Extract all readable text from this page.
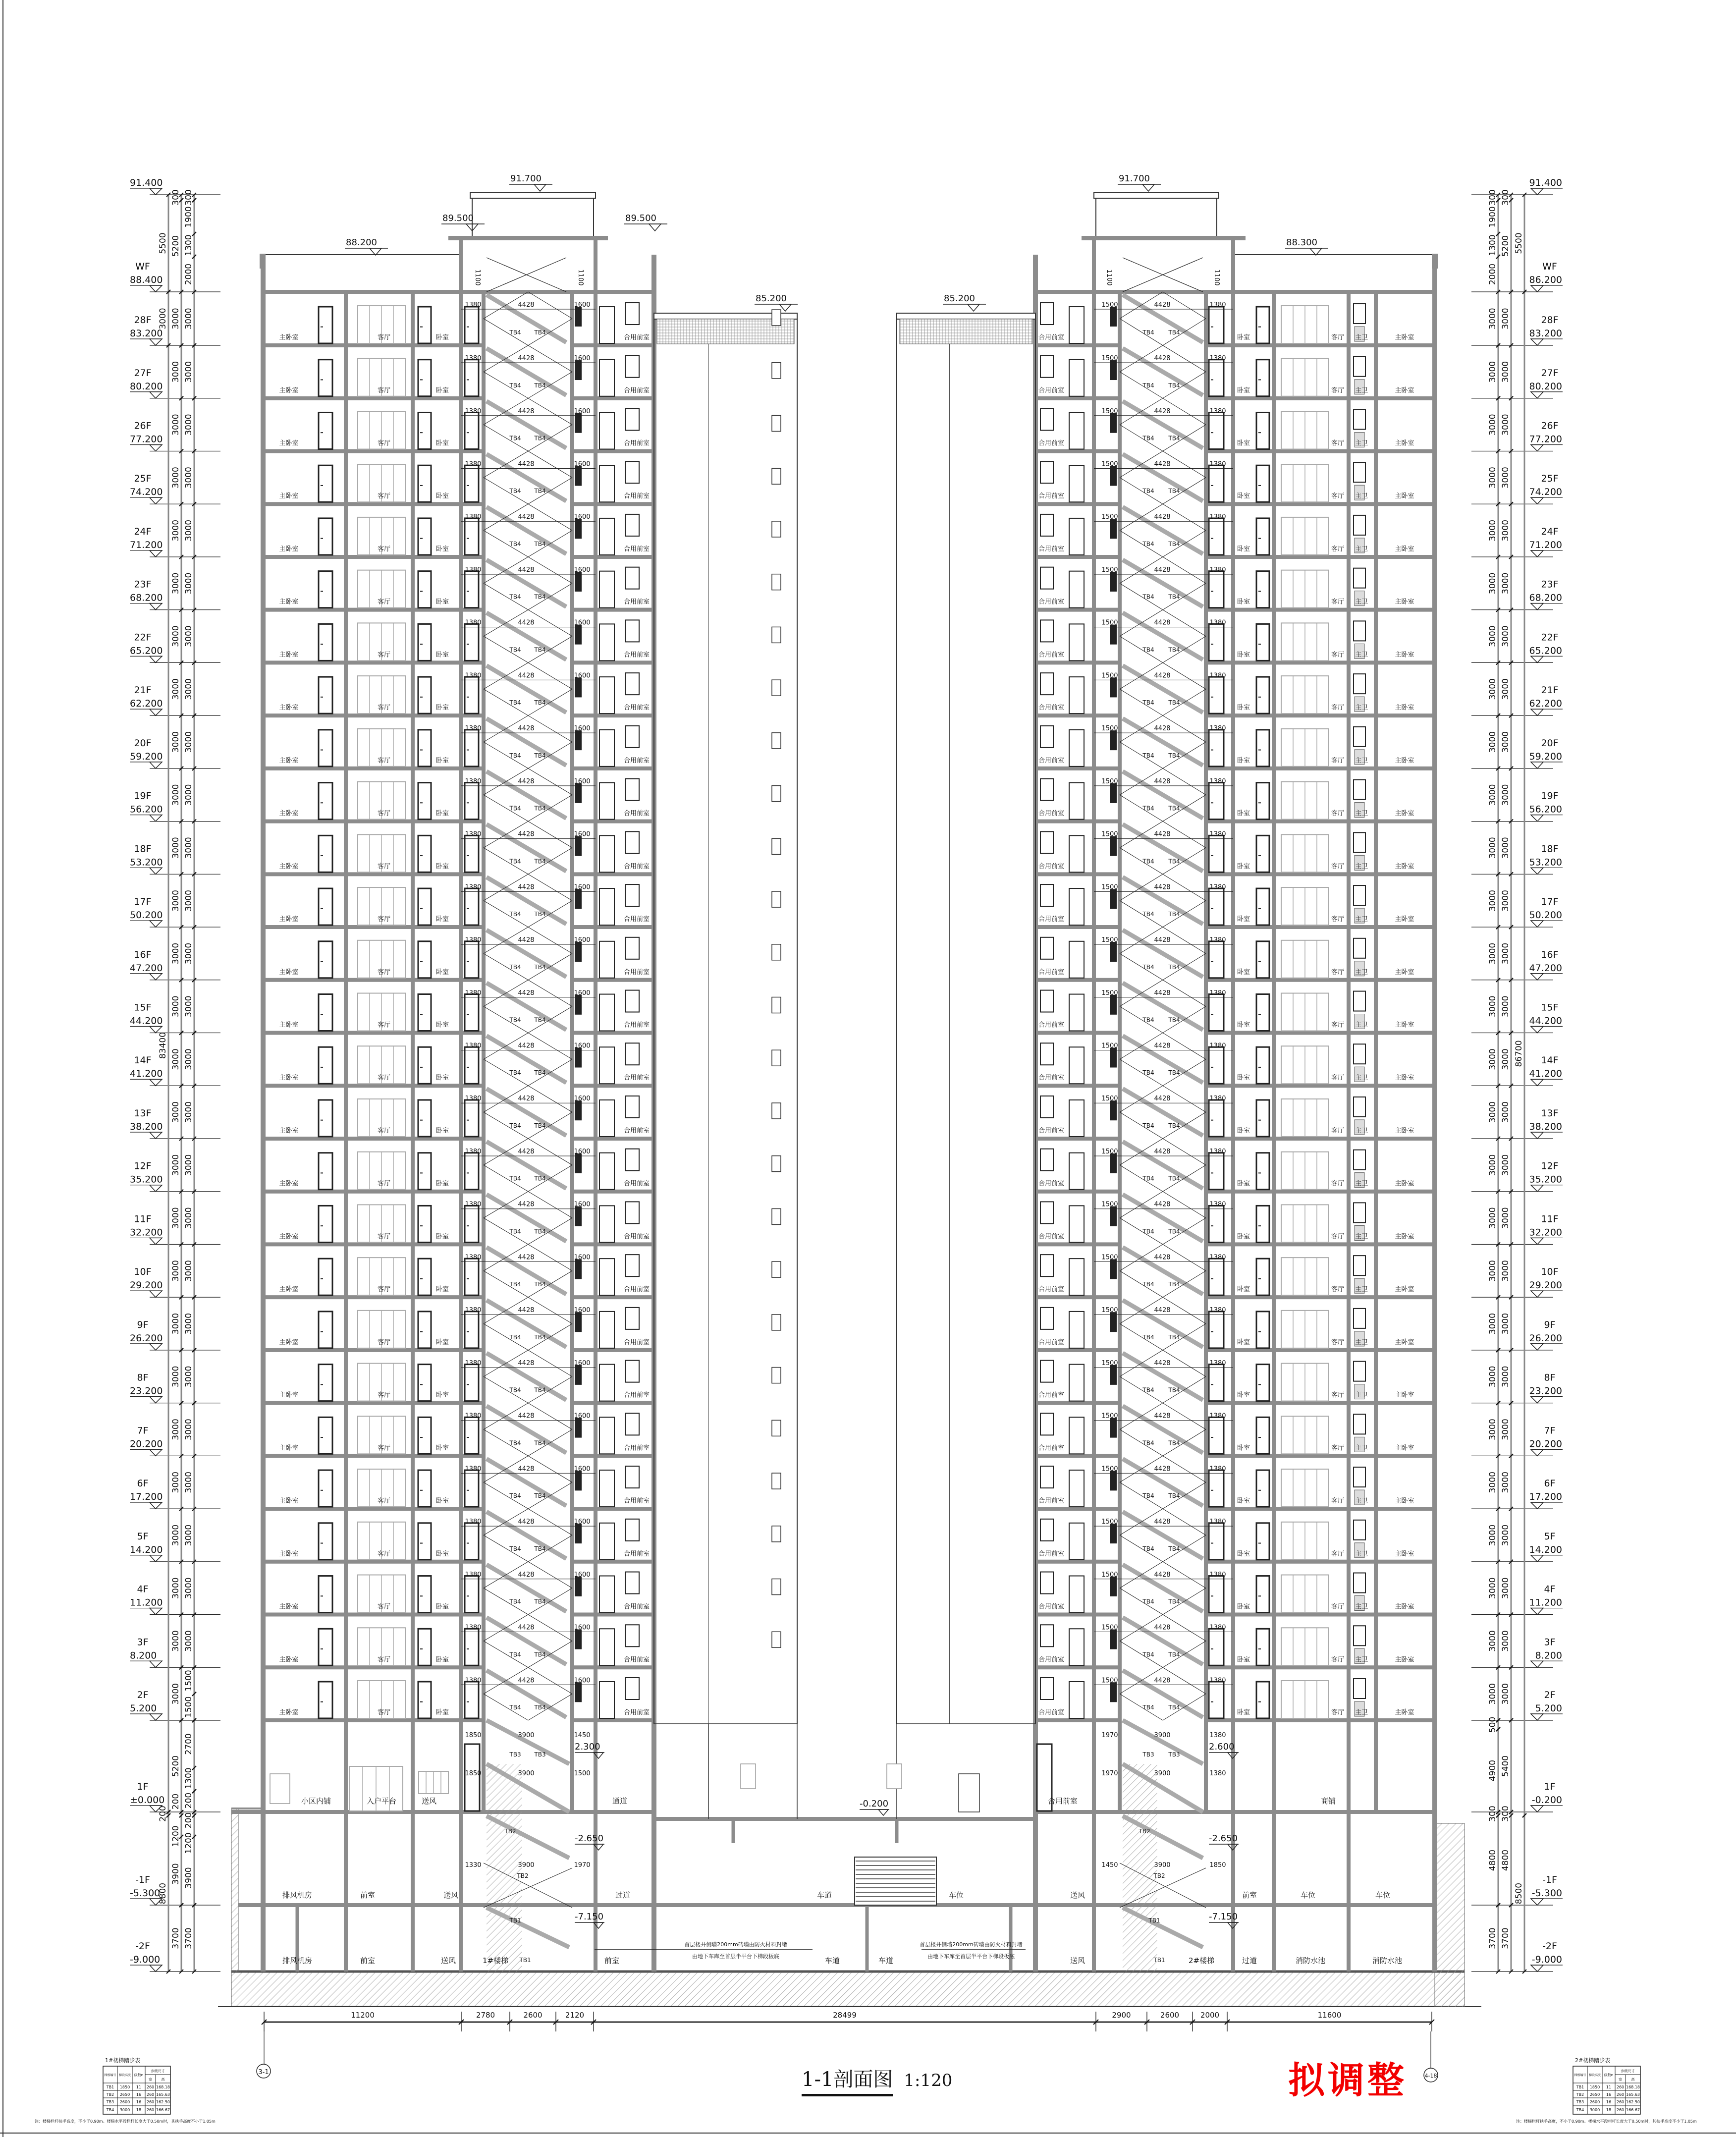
1380	4428	1600
TB4 TB4
主卧室	客厅	卧室	合用前室
1500	4428	1380
TB4 TB4
合用前室	卧室	客厅 主卫	主卧室
1380	4428	1600
TB4 TB4
主卧室	客厅	卧室	合用前室
1500	4428	1380
TB4 TB4
合用前室	卧室	客厅 主卫	主卧室
1380	4428	1600
TB4 TB4
主卧室	客厅	卧室	合用前室
1500	4428	1380
TB4 TB4
合用前室	卧室	客厅 主卫	主卧室
1380	4428	1600
TB4 TB4
主卧室	客厅	卧室	合用前室
1500	4428	1380
TB4 TB4
合用前室	卧室	客厅 主卫	主卧室
1380	4428	1600
TB4 TB4
主卧室	客厅	卧室	合用前室
1500	4428	1380
TB4 TB4
合用前室	卧室	客厅 主卫	主卧室
1380	4428	1600
TB4 TB4
主卧室	客厅	卧室	合用前室
1500	4428	1380
TB4 TB4
合用前室	卧室	客厅 主卫	主卧室
1380	4428	1600
TB4 TB4
主卧室	客厅	卧室	合用前室
1500	4428	1380
TB4 TB4
合用前室	卧室	客厅 主卫	主卧室
1380	4428	1600
TB4 TB4
主卧室	客厅	卧室	合用前室
1500	4428	1380
TB4 TB4
合用前室	卧室	客厅 主卫	主卧室
1380	4428	1600
TB4 TB4
主卧室	客厅	卧室	合用前室
1500	4428	1380
TB4 TB4
合用前室	卧室	客厅 主卫	主卧室
1380	4428	1600
TB4 TB4
主卧室	客厅	卧室	合用前室
1500	4428	1380
TB4 TB4
合用前室	卧室	客厅 主卫	主卧室
1380	4428	1600
TB4 TB4
主卧室	客厅	卧室	合用前室
1500	4428	1380
TB4 TB4
合用前室	卧室	客厅 主卫	主卧室
1380	4428	1600
TB4 TB4
主卧室	客厅	卧室	合用前室
1500	4428	1380
TB4 TB4
合用前室	卧室	客厅 主卫	主卧室
1380	4428	1600
TB4 TB4
主卧室	客厅	卧室	合用前室
1500	4428	1380
TB4 TB4
合用前室	卧室	客厅 主卫	主卧室
1380	4428	1600
TB4 TB4
主卧室	客厅	卧室	合用前室
1500	4428	1380
TB4 TB4
合用前室	卧室	客厅 主卫	主卧室
1380	4428	1600
TB4 TB4
主卧室	客厅	卧室	合用前室
1500	4428	1380
TB4 TB4
合用前室	卧室	客厅 主卫	主卧室
1380	4428	1600
TB4 TB4
主卧室	客厅	卧室	合用前室
1500	4428	1380
TB4 TB4
合用前室	卧室	客厅 主卫	主卧室
1380	4428	1600
TB4 TB4
主卧室	客厅	卧室	合用前室
1500	4428	1380
TB4 TB4
合用前室	卧室	客厅 主卫	主卧室
1380	4428	1600
TB4 TB4
主卧室	客厅	卧室	合用前室
1500	4428	1380
TB4 TB4
合用前室	卧室	客厅 主卫	主卧室
1380	4428	1600
TB4 TB4
主卧室	客厅	卧室	合用前室
1500	4428	1380
TB4 TB4
合用前室	卧室	客厅 主卫	主卧室
1380	4428	1600
TB4 TB4
主卧室	客厅	卧室	合用前室
1500	4428	1380
TB4 TB4
合用前室	卧室	客厅 主卫	主卧室
1380	4428	1600
TB4 TB4
主卧室	客厅	卧室	合用前室
1500	4428	1380
TB4 TB4
合用前室	卧室	客厅 主卫	主卧室
1380	4428	1600
TB4 TB4
主卧室	客厅	卧室	合用前室
1500	4428	1380
TB4 TB4
合用前室	卧室	客厅 主卫	主卧室
1380	4428	1600
TB4 TB4
主卧室	客厅	卧室	合用前室
1500	4428	1380
TB4 TB4
合用前室	卧室	客厅 主卫	主卧室
1380	4428	1600
TB4 TB4
主卧室	客厅	卧室	合用前室
1500	4428	1380
TB4 TB4
合用前室	卧室	客厅 主卫	主卧室
1380	4428	1600
TB4 TB4
主卧室	客厅	卧室	合用前室
1500	4428	1380
TB4 TB4
合用前室	卧室	客厅 主卫	主卧室
1380	4428	1600
TB4 TB4
主卧室	客厅	卧室	合用前室
1500	4428	1380
TB4 TB4
合用前室	卧室	客厅 主卫	主卧室
1380	4428	1600
TB4 TB4
主卧室	客厅	卧室	合用前室
1500	4428	1380
TB4 TB4
合用前室	卧室	客厅 主卫	主卧室
1100	1100	1100	1100
小区内铺	入户平台	送风	通道	合用前室	商铺
1850	3900	1450
1850	3900	1500
1330	3900	1970
1970	3900	1380
1970	3900	1380
1450	3900	1850
TB3 TB3
TB2
TB2
TB1
TB1
TB3 TB3
TB2
TB2
TB1
TB1
2.300	2.600
-2.650	-2.650
-7.150	-7.150
-0.200
排风机房	前室	送风	过道	车道	车位	送风	前室	车位	车位
排风机房	前室	送风	1#楼梯	前室	车道
车道	送风	2#楼梯	过道	消防水池	消防水池
首层楼井侧墙200mm砖墙由防火材料封堵
由地下车库至首层半平台下梯段板底
首层楼井侧墙200mm砖墙由防火材料封堵
由地下车库至首层半平台下梯段板底
91.700	91.700
89.500	89.500
88.200	88.300
85.200	85.200
91.400
88.400
WF
83.200
28F
80.200
27F
77.200
26F
74.200
25F
71.200
24F
68.200
23F
65.200
22F
62.200
21F
59.200
20F
56.200
19F
53.200
18F
50.200
17F
47.200
16F
44.200
15F
41.200
14F
38.200
13F
35.200
12F
32.200
11F
29.200
10F
26.200
9F
23.200
8F
20.200
7F
17.200
6F
14.200
5F
11.200
4F
8.200
3F
5.200
2F
±0.000
1F
-5.300
-1F
-9.000
-2F
91.400
86.200
WF
83.200
28F
80.200
27F
77.200
26F
74.200
25F
71.200
24F
68.200
23F
65.200
22F
62.200
21F
59.200
20F
56.200
19F
53.200
18F
50.200
17F
47.200
16F
44.200
15F
41.200
14F
38.200
13F
35.200
12F
32.200
11F
29.200
10F
26.200
9F
23.200
8F
20.200
7F
17.200
6F
14.200
5F
11.200
4F
8.200
3F
5.200
2F
-0.200
1F
-5.300
-1F
-9.000
-2F
5500
3000
83400
200
8800
300
5200
3000
3000
3000
3000
3000
3000
3000
3000
3000
3000
3000
3000
3000
3000
3000
3000
3000
3000
3000
3000
3000
3000
3000
3000
3000
3000
3000
5200
200
1200
3900
3700
300
1900
1300
2000
3000
3000
3000
3000
3000
3000
3000
3000
3000
3000
3000
3000
3000
3000
3000
3000
3000
3000
3000
3000
3000
3000
3000
3000
3000
3000
1500
1500
2700
1300
200
200
1200
3900
3700
300
1900
1300
2000
3000
3000
3000
3000
3000
3000
3000
3000
3000
3000
3000
3000
3000
3000
3000
3000
3000
3000
3000
3000
3000
3000
3000
3000
3000
3000
3000
500
4900
300
4800
3700
300
5200
3000
3000
3000
3000
3000
3000
3000
3000
3000
3000
3000
3000
3000
3000
3000
3000
3000
3000
3000
3000
3000
3000
3000
3000
3000
3000
3000
5400
300
4800
3700
5500
86700
8500
11200	2780	2600	2120	28499	2900	2600	2000	11600
3-1	4-18
1#楼梯踏步表
梯板编号 梯段高度 级数n
步级尺寸
宽	高
TB1 1850 11 260 168.18
TB2 2650 16 260 165.63
TB3 2600 16 260 162.50
TB4 3000 18 260 166.67
注：楼梯栏杆扶手高度，不小于0.90m。楼梯水平段栏杆长度大于0.50m时，其扶手高度不小于1.05m
2#楼梯踏步表
梯板编号 梯段高度 级数n
步级尺寸
宽	高
TB1 1850 11 260 168.18
TB2 2650 16 260 165.63
TB3 2600 16 260 162.50
TB4 3000 18 260 166.67
注：楼梯栏杆扶手高度，不小于0.90m。楼梯水平段栏杆长度大于0.50m时，其扶手高度不小于1.05m
1-1剖面图 1:120	拟调整
